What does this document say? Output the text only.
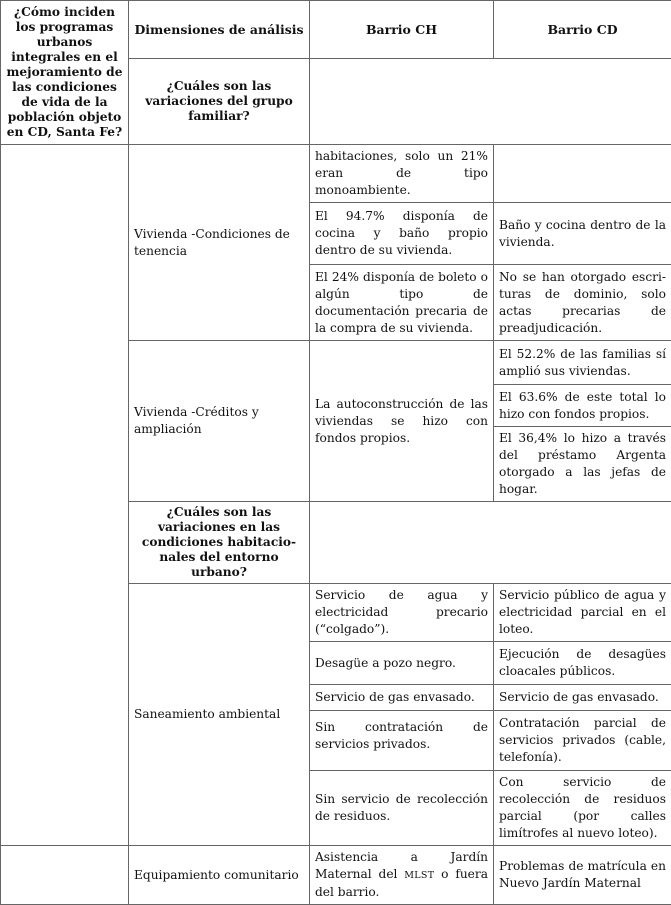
¿Cómo inciden los programas urbanos integrales en el mejoramiento de las condiciones de vida de la población objeto en CD, Santa Fe?	Dimensiones de análisis	Barrio CH	Barrio CD
	¿Cuáles son las variaciones del grupo familiar?		
	Vivienda -Condiciones de tenencia	habitaciones, solo un 21% eran de tipo monoambiente.	
		El 94.7% disponía de cocina y baño propio dentro de su vivienda.	Baño y cocina dentro de la vivienda.
		El 24% disponía de boleto o algún tipo de documentación precaria de la compra de su vivienda.	No se han otorgado escrituras de dominio, solo actas precarias de preadjudicación.
	Vivienda -Créditos y ampliación	La autoconstrucción de las viviendas se hizo con fondos propios.	El 52.2% de las familias sí amplió sus viviendas.
			El 63.6% de este total lo hizo con fondos propios.
			El 36,4% lo hizo a través del préstamo Argenta otorgado a las jefas de hogar.
	¿Cuáles son las variaciones en las condiciones habitacionales del entorno urbano?		
	Saneamiento ambiental	Servicio de agua y electricidad precario (“colgado”).	Servicio público de agua y electricidad parcial en el loteo.
		Desagüe a pozo negro.	Ejecución de desagües cloacales públicos.
		Servicio de gas envasado.	Servicio de gas envasado.
		Sin contratación de servicios privados.	Contratación parcial de servicios privados (cable, telefonía).
		Sin servicio de recolección de residuos.	Con servicio de recolección de residuos parcial (por calles limítrofes al nuevo loteo).
	Equipamiento comunitario	Asistencia a Jardín Maternal del MLST o fuera del barrio.	Problemas de matrícula en Nuevo Jardín Maternal
